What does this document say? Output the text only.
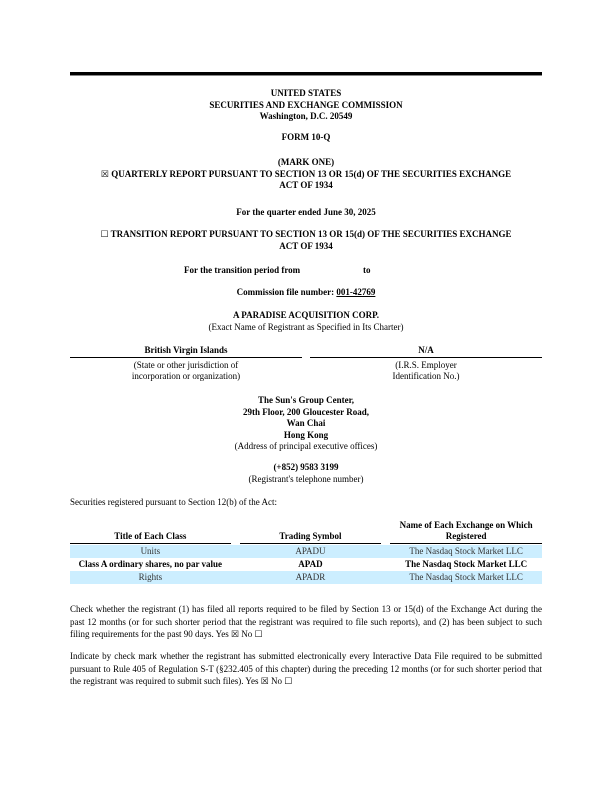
UNITED STATES
SECURITIES AND EXCHANGE COMMISSION
Washington, D.C. 20549
FORM 10-Q
(MARK ONE)
☒ QUARTERLY REPORT PURSUANT TO SECTION 13 OR 15(d) OF THE SECURITIES EXCHANGE
ACT OF 1934
For the quarter ended June 30, 2025
☐ TRANSITION REPORT PURSUANT TO SECTION 13 OR 15(d) OF THE SECURITIES EXCHANGE
ACT OF 1934
For the transition period from	to
Commission file number: 001-42769
A PARADISE ACQUISITION CORP.
(Exact Name of Registrant as Specified in Its Charter)
British Virgin Islands
(State or other jurisdiction of
incorporation or organization)
N/A
(I.R.S. Employer
Identification No.)
The Sun's Group Center,
29th Floor, 200 Gloucester Road,
Wan Chai
Hong Kong
(Address of principal executive offices)
(+852) 9583 3199
(Registrant's telephone number)
Securities registered pursuant to Section 12(b) of the Act:
Title of Each Class		Trading Symbol		Name of Each Exchange on Which Registered

Units		APADU		The Nasdaq Stock Market LLC
Class A ordinary shares, no par value		APAD		The Nasdaq Stock Market LLC
Rights		APADR		The Nasdaq Stock Market LLC
Check whether the registrant (1) has filed all reports required to be filed by Section 13 or 15(d) of the Exchange Act during the past 12 months (or for such shorter period that the registrant was required to file such reports), and (2) has been subject to such filing requirements for the past 90 days. Yes ☒ No ☐
Indicate by check mark whether the registrant has submitted electronically every Interactive Data File required to be submitted pursuant to Rule 405 of Regulation S-T (§232.405 of this chapter) during the preceding 12 months (or for such shorter period that the registrant was required to submit such files). Yes ☒ No ☐
